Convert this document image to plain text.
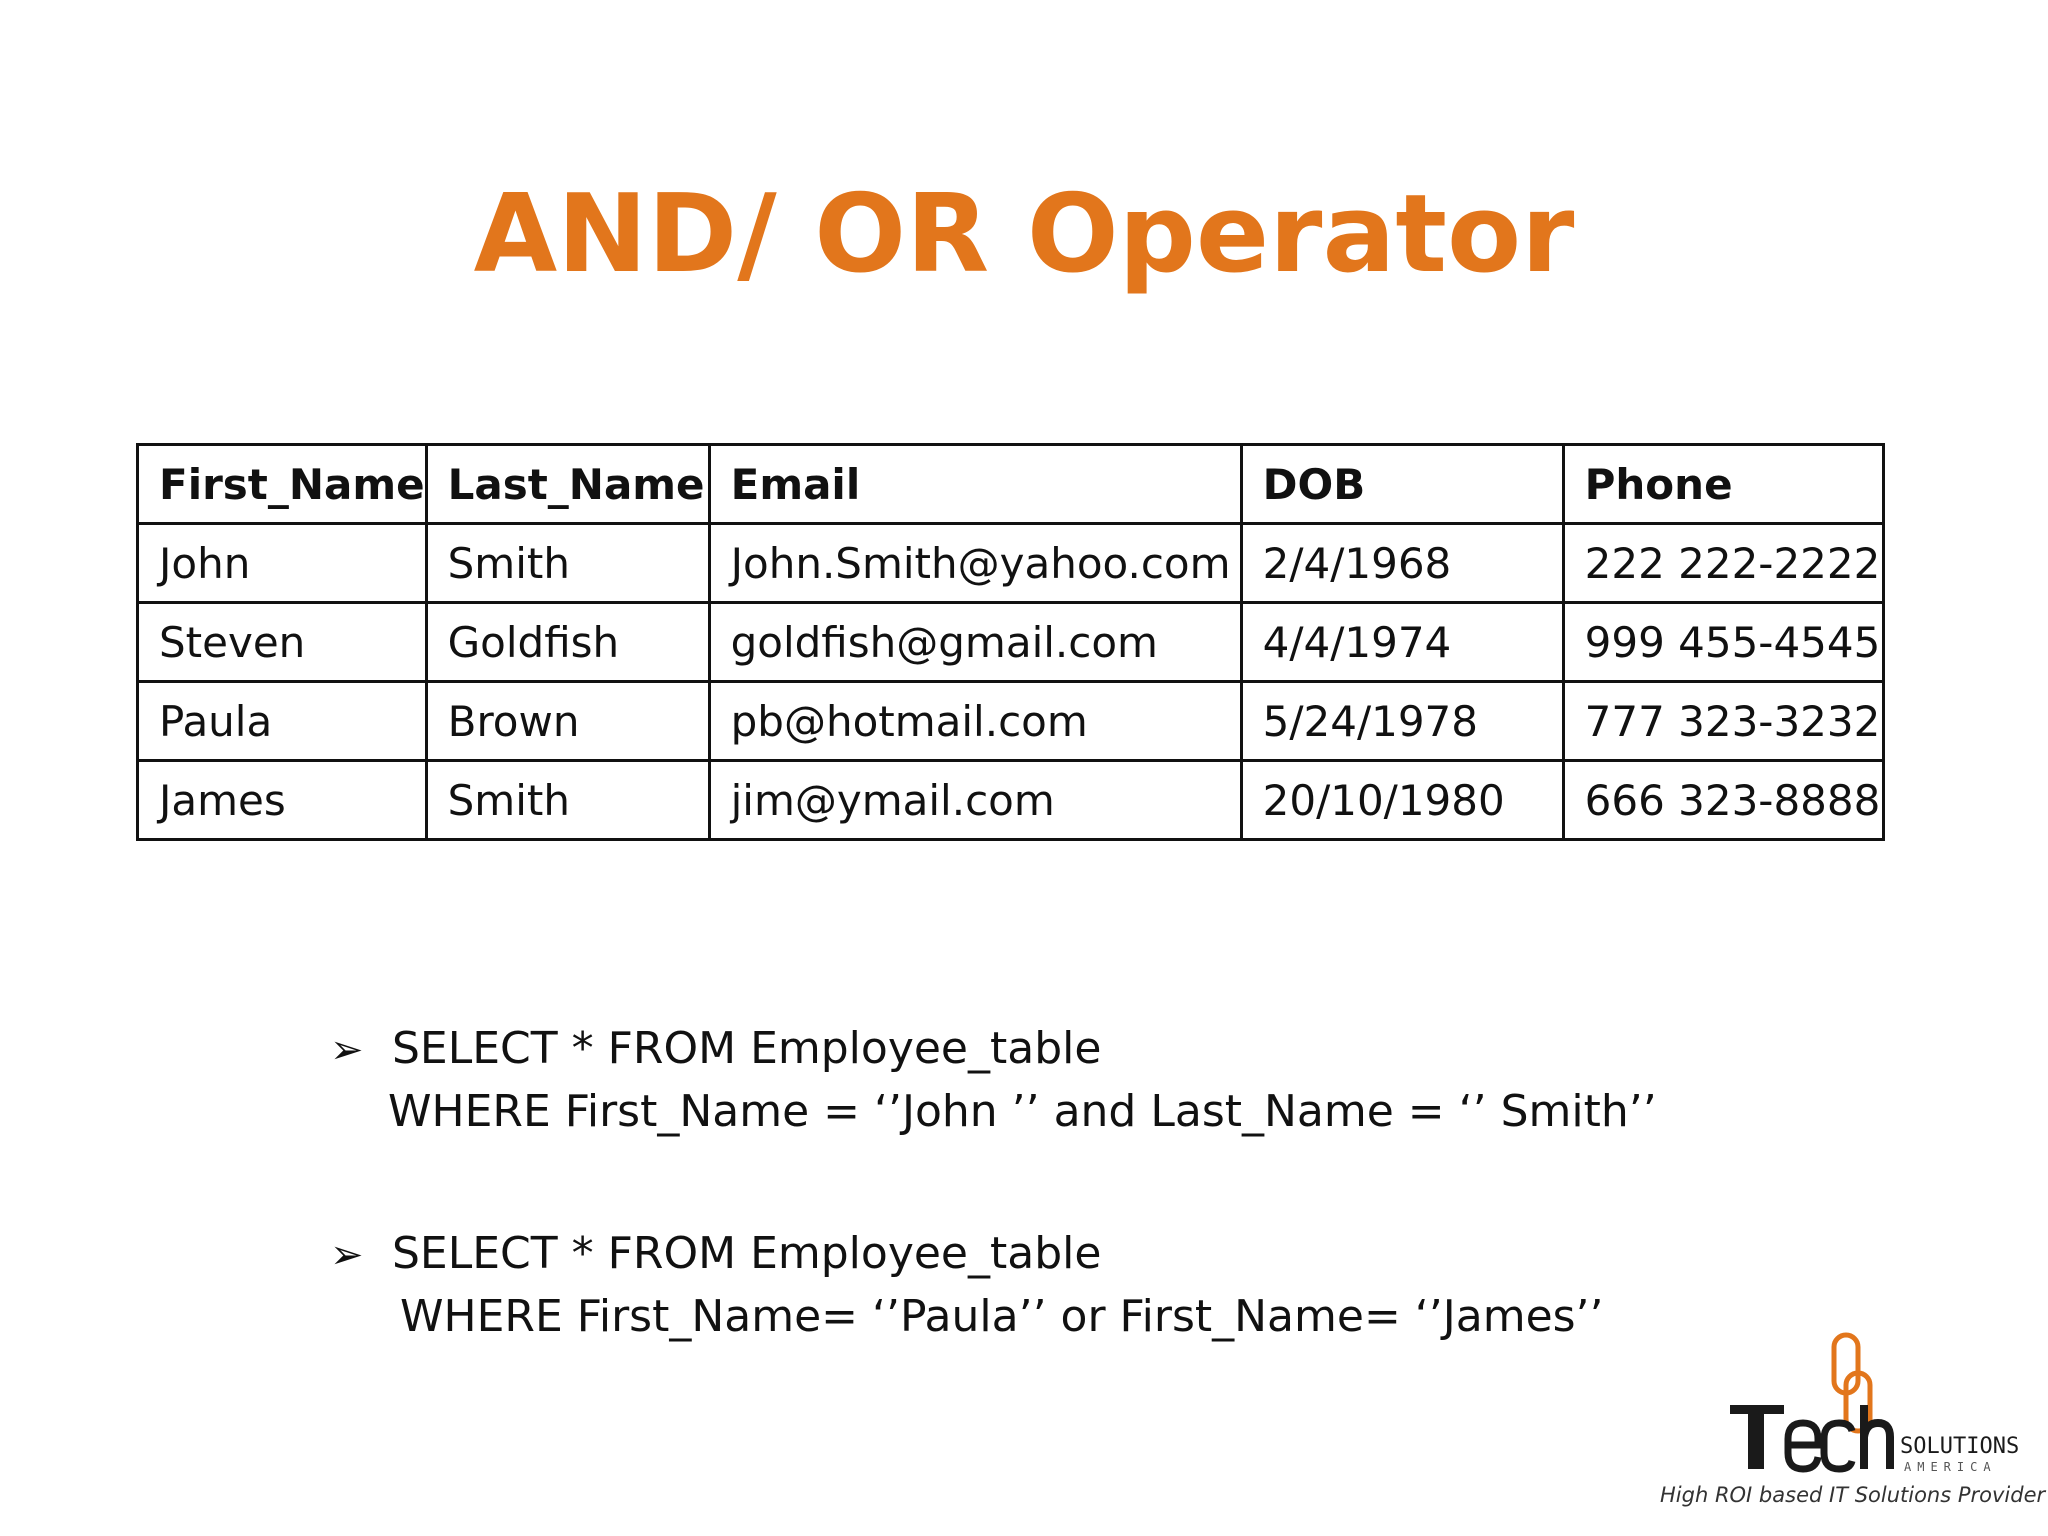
AND/ OR Operator
First_Name	Last_Name	Email	DOB	Phone
John	Smith	John.Smith@yahoo.com	2/4/1968	222 222-2222
Steven	Goldfish	goldfish@gmail.com	4/4/1974	999 455-4545
Paula	Brown	pb@hotmail.com	5/24/1978	777 323-3232
James	Smith	jim@ymail.com	20/10/1980	666 323-8888
➢ SELECT * FROM Employee_table
WHERE First_Name = ‘’John ’’ and Last_Name = ‘’ Smith’’
➢ SELECT * FROM Employee_table
WHERE First_Name= ‘’Paula’’ or First_Name= ‘’James’’
SOLUTIONS
AMERICA
High ROI based IT Solutions Provider
